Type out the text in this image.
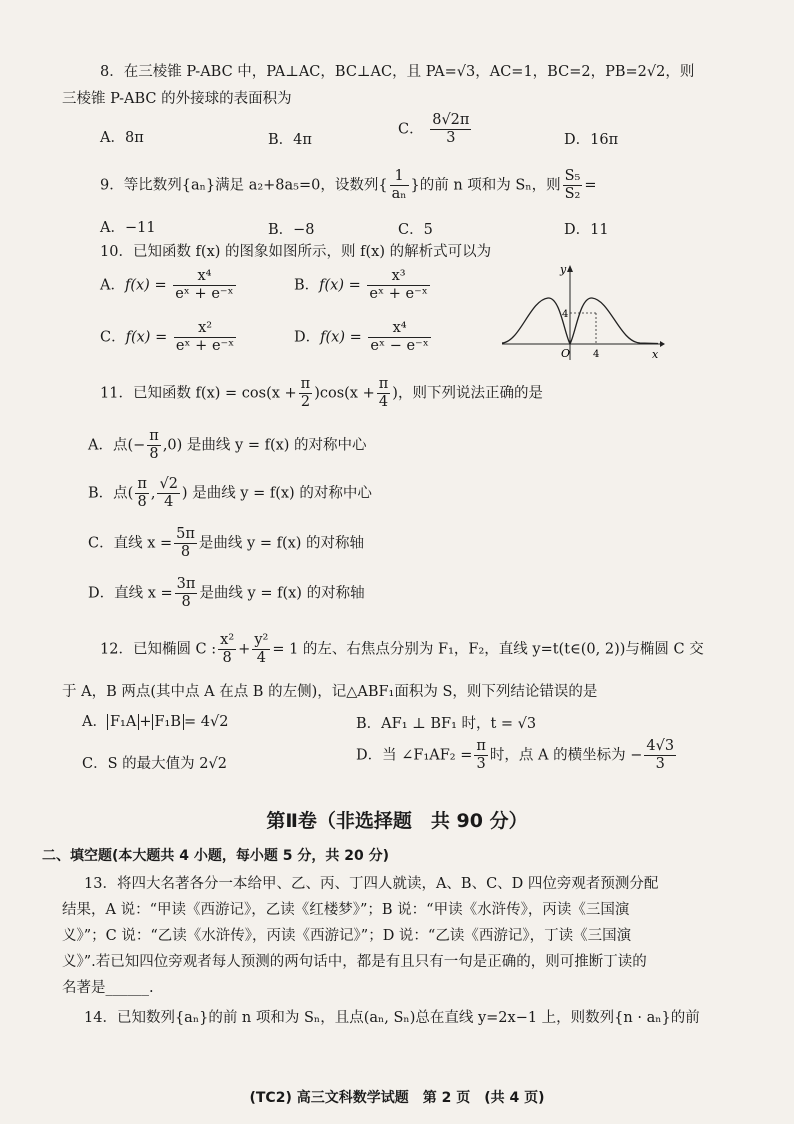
8．在三棱锥 P-ABC 中，PA⊥AC，BC⊥AC，且 PA=√3，AC=1，BC=2，PB=2√2，则
三棱锥 P-ABC 的外接球的表面积为
A．8π	B．4π
C． $\frac{8√2\pi}{3}$	D．16π
9．等比数列{aₙ}满足 a₂+8a₅=0，设数列{ $\frac{1}{\text{aₙ}}$ }的前 n 项和为 Sₙ，则 $\frac{\text{S₅}}{\text{S₂}}$ =
A．−11	B．−8	C．5	D．11
10．已知函数 f(x) 的图象如图所示，则 f(x) 的解析式可以为
A．$f(x) = \frac{\text{x⁴}}{\text{eˣ + e⁻ˣ}}$	B．$f(x) = \frac{\text{x³}}{\text{eˣ + e⁻ˣ}}$
C．$f(x) = \frac{\text{x²}}{\text{eˣ + e⁻ˣ}}$	D．$f(x) = \frac{\text{x⁴}}{\text{eˣ − e⁻ˣ}}$
y
x
O 4
4
11．已知函数 $f(x) = \cos(x + \frac{\pi}{2} )\cos(x + \frac{\pi}{4}$ )，则下列说法正确的是
A．点(− $\frac{\pi}{8} ,0$) 是曲线 y = f(x) 的对称中心
B．点( $\frac{\pi}{8}$ , $\frac{√2}{4}$ ) 是曲线 y = f(x) 的对称中心
C．直线 $x = \frac{5\pi}{8}$ 是曲线 y = f(x) 的对称轴
D．直线 $x = \frac{3\pi}{8}$ 是曲线 y = f(x) 的对称轴
12．已知椭圆 C : $\frac{\text{x²}}{8} + \frac{\text{y²}}{4} = 1$ 的左、右焦点分别为 F₁，F₂，直线 y=t(t∈(0, 2))与椭圆 C 交
于 A，B 两点(其中点 A 在点 B 的左侧)，记△ABF₁面积为 S，则下列结论错误的是
A． F₁A + F₁B = 4√2	B．AF₁ ⊥ BF₁ 时，t = √3
C．S 的最大值为 2√2
D．当 ∠F₁AF₂ = $\frac{\pi}{3}$ 时，点 A 的横坐标为 − $\frac{4√3}{3}$
第Ⅱ卷（非选择题　共 90 分）
二、填空题(本大题共 4 小题，每小题 5 分，共 20 分)
13．将四大名著各分一本给甲、乙、丙、丁四人就读，A、B、C、D 四位旁观者预测分配
结果，A 说：“甲读《西游记》，乙读《红楼梦》”；B 说：“甲读《水浒传》，丙读《三国演
义》”；C 说：“乙读《水浒传》，丙读《西游记》”；D 说：“乙读《西游记》，丁读《三国演
义》”.若已知四位旁观者每人预测的两句话中，都是有且只有一句是正确的，则可推断丁读的
名著是______.
14．已知数列{aₙ}的前 n 项和为 Sₙ，且点(aₙ, Sₙ)总在直线 y=2x−1 上，则数列{n · aₙ}的前
(TC2) 高三文科数学试题　第 2 页　(共 4 页)
